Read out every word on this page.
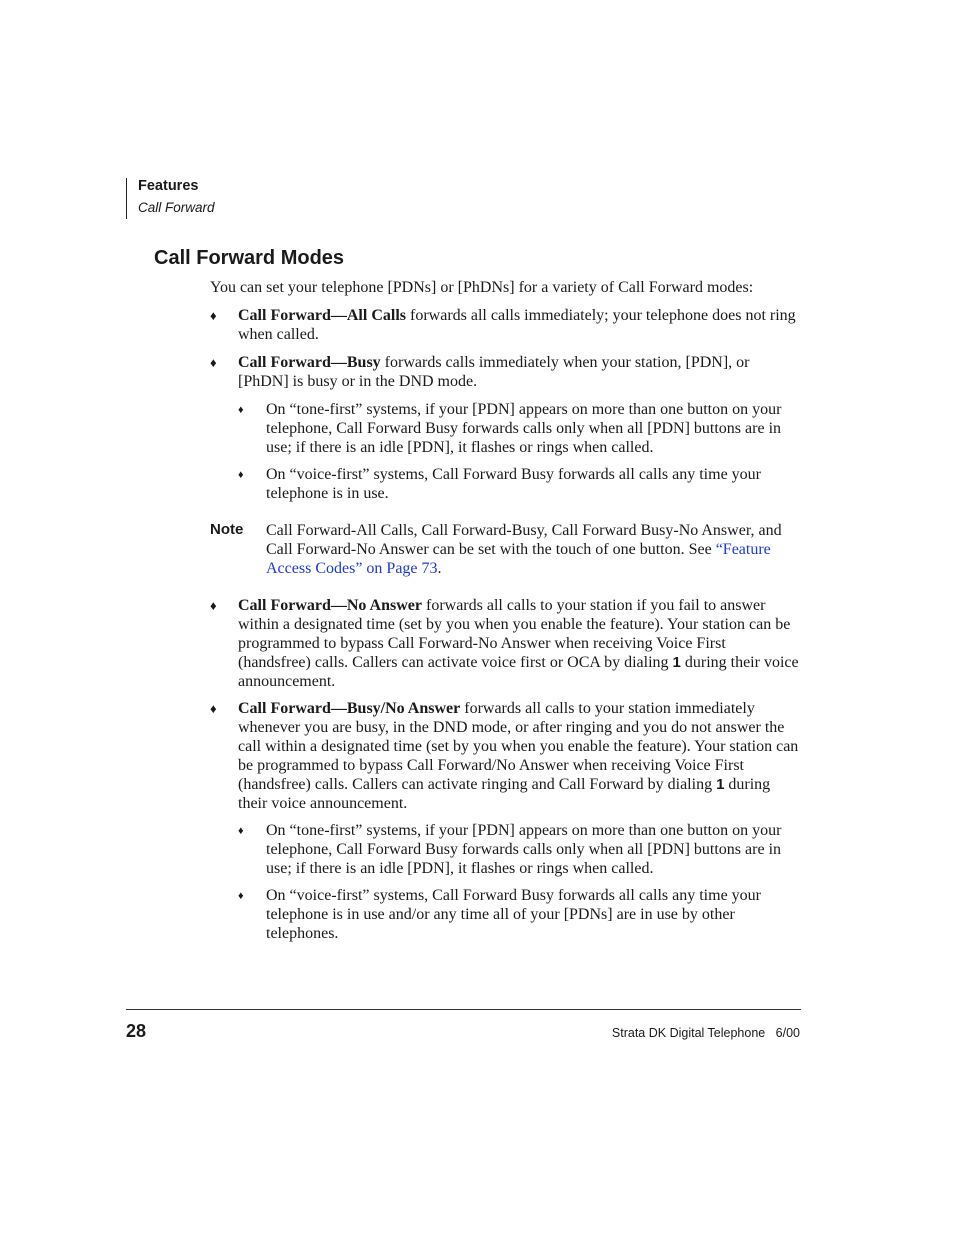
Features
Call Forward
Call Forward Modes
You can set your telephone [PDNs] or [PhDNs] for a variety of Call Forward modes:
♦ Call Forward—All Calls forwards all calls immediately; your telephone does not ring when called.
♦ Call Forward—Busy forwards calls immediately when your station, [PDN], or [PhDN] is busy or in the DND mode.
♦ On “tone-first” systems, if your [PDN] appears on more than one button on your telephone, Call Forward Busy forwards calls only when all [PDN] buttons are in use; if there is an idle [PDN], it flashes or rings when called.
♦ On “voice-first” systems, Call Forward Busy forwards all calls any time your telephone is in use.
Note Call Forward-All Calls, Call Forward-Busy, Call Forward Busy-No Answer, and Call Forward-No Answer can be set with the touch of one button. See “Feature Access Codes” on Page 73.
♦ Call Forward—No Answer forwards all calls to your station if you fail to answer within a designated time (set by you when you enable the feature). Your station can be programmed to bypass Call Forward-No Answer when receiving Voice First (handsfree) calls. Callers can activate voice first or OCA by dialing 1 during their voice announcement.
♦ Call Forward—Busy/No Answer forwards all calls to your station immediately whenever you are busy, in the DND mode, or after ringing and you do not answer the call within a designated time (set by you when you enable the feature). Your station can be programmed to bypass Call Forward/No Answer when receiving Voice First (handsfree) calls. Callers can activate ringing and Call Forward by dialing 1 during their voice announcement.
♦ On “tone-first” systems, if your [PDN] appears on more than one button on your telephone, Call Forward Busy forwards calls only when all [PDN] buttons are in use; if there is an idle [PDN], it flashes or rings when called.
♦ On “voice-first” systems, Call Forward Busy forwards all calls any time your telephone is in use and/or any time all of your [PDNs] are in use by other telephones.
28	Strata DK Digital Telephone   6/00
